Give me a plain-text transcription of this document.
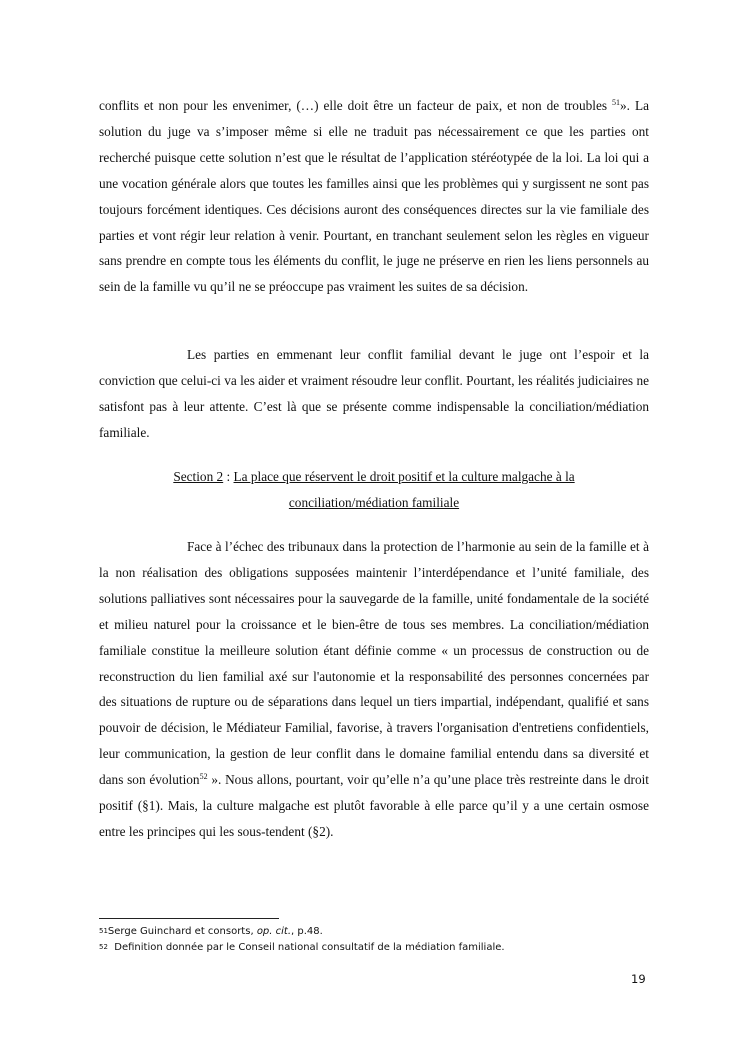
conflits et non pour les envenimer, (…) elle doit être un facteur de paix, et non de troubles $^{51}$». La solution du juge va s’imposer même si elle ne traduit pas nécessairement ce que les parties ont recherché puisque cette solution n’est que le résultat de l’application stéréotypée de la loi. La loi qui a une vocation générale alors que toutes les familles ainsi que les problèmes qui y surgissent ne sont pas toujours forcément identiques. Ces décisions auront des conséquences directes sur la vie familiale des parties et vont régir leur relation à venir. Pourtant, en tranchant seulement selon les règles en vigueur sans prendre en compte tous les éléments du conflit, le juge ne préserve en rien les liens personnels au sein de la famille vu qu’il ne se préoccupe pas vraiment les suites de sa décision.
Les parties en emmenant leur conflit familial devant le juge ont l’espoir et la conviction que celui-ci va les aider et vraiment résoudre leur conflit. Pourtant, les réalités judiciaires ne satisfont pas à leur attente. C’est là que se présente comme indispensable la conciliation/médiation familiale.
Section 2 : La place que réservent le droit positif et la culture malgache à la
conciliation/médiation familiale
Face à l’échec des tribunaux dans la protection de l’harmonie au sein de la famille et à la non réalisation des obligations supposées maintenir l’interdépendance et l’unité familiale, des solutions palliatives sont nécessaires pour la sauvegarde de la famille, unité fondamentale de la société et milieu naturel pour la croissance et le bien-être de tous ses membres. La conciliation/médiation familiale constitue la meilleure solution étant définie comme « un processus de construction ou de reconstruction du lien familial axé sur l'autonomie et la responsabilité des personnes concernées par des situations de rupture ou de séparations dans lequel un tiers impartial, indépendant, qualifié et sans pouvoir de décision, le Médiateur Familial, favorise, à travers l'organisation d'entretiens confidentiels, leur communication, la gestion de leur conflit dans le domaine familial entendu dans sa diversité et dans son évolution$^{52}$ ». Nous allons, pourtant, voir qu’elle n’a qu’une place très restreinte dans le droit positif (§1). Mais, la culture malgache est plutôt favorable à elle parce qu’il y a une certain osmose entre les principes qui les sous-tendent (§2).
$^{51}$Serge Guinchard et consorts, op. cit., p.48.
$^{52}$  Definition donnée par le Conseil national consultatif de la médiation familiale.
19
